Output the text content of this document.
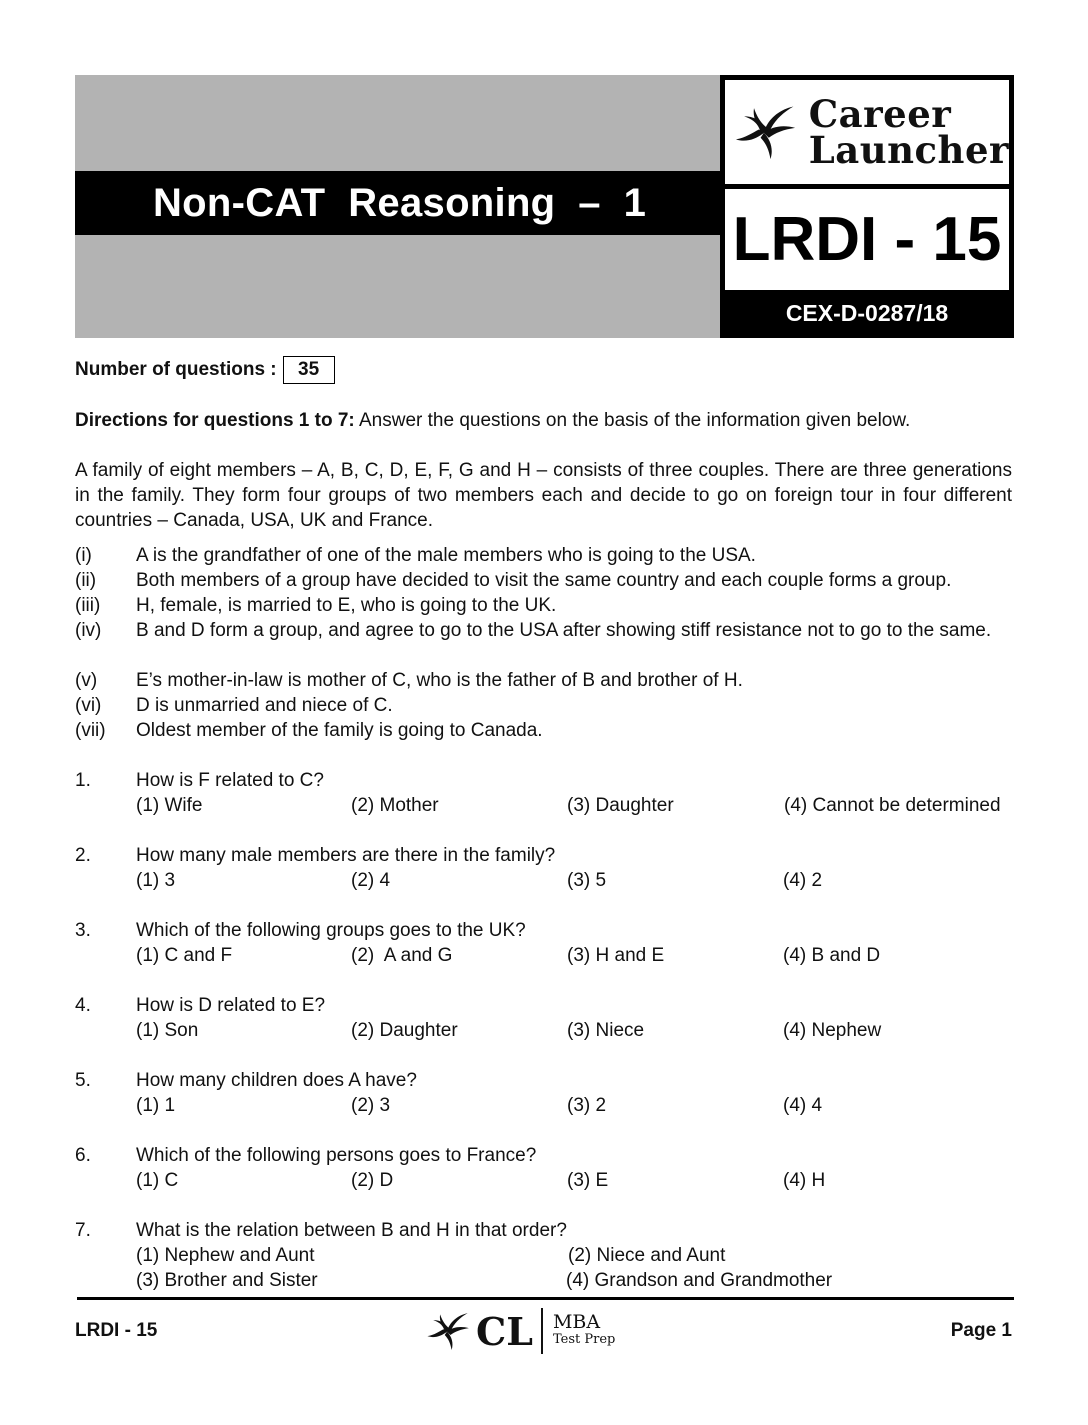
Non-CAT  Reasoning  –  1
Career
Launcher
LRDI - 15
CEX-D-0287/18
Number of questions :	35
Directions for questions 1 to 7: Answer the questions on the basis of the information given below.
A family of eight members – A, B, C, D, E, F, G and H – consists of three couples. There are three generations in the family. They form four groups of two members each and decide to go on foreign tour in four different countries – Canada, USA, UK and France.
(i) A is the grandfather of one of the male members who is going to the USA.
(ii) Both members of a group have decided to visit the same country and each couple forms a group.
(iii) H, female, is married to E, who is going to the UK.
(iv) B and D form a group, and agree to go to the USA after showing stiff resistance not to go to the same.
(v) E’s mother-in-law is mother of C, who is the father of B and brother of H.
(vi) D is unmarried and niece of C.
(vii) Oldest member of the family is going to Canada.
1. How is F related to C?
(1) Wife	(2) Mother	(3) Daughter	(4) Cannot be determined
2. How many male members are there in the family?
(1) 3	(2) 4	(3) 5	(4) 2
3. Which of the following groups goes to the UK?
(1) C and F	(2)  A and G	(3) H and E	(4) B and D
4. How is D related to E?
(1) Son	(2) Daughter	(3) Niece	(4) Nephew
5. How many children does A have?
(1) 1	(2) 3	(3) 2	(4) 4
6. Which of the following persons goes to France?
(1) C	(2) D	(3) E	(4) H
7. What is the relation between B and H in that order?
(1) Nephew and Aunt	(2) Niece and Aunt
(3) Brother and Sister	(4) Grandson and Grandmother
LRDI - 15	CL MBA
Test Prep	Page 1
